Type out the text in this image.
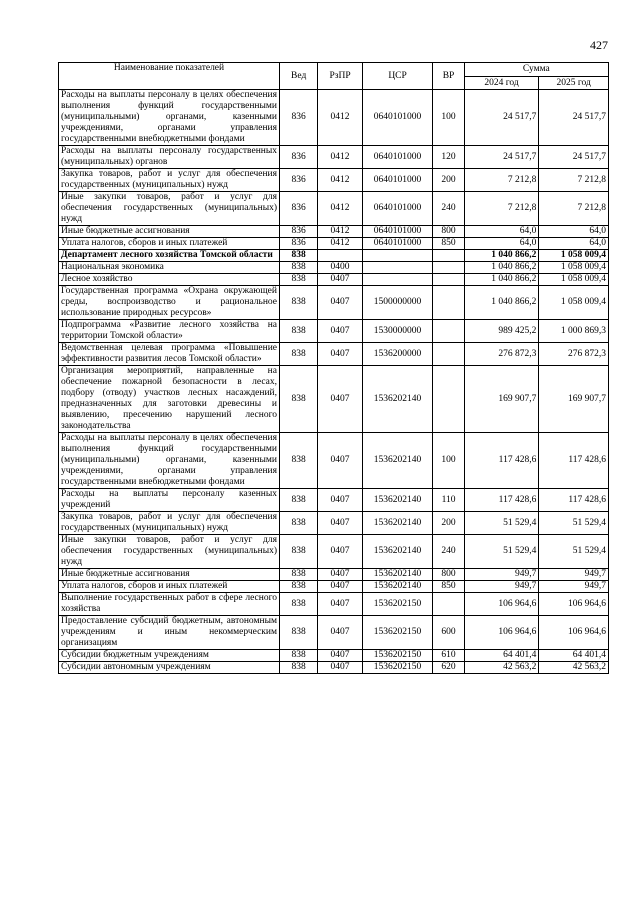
427
Наименование показателей	Вед	РзПР	ЦСР	ВР	Сумма	
					2024 год	2025 год
Расходы на выплаты персоналу в целях обеспечения выполнения функций государственными (муниципальными) органами, казенными учреждениями, органами управления государственными внебюджетными фондами	836	0412	0640101000	100	24 517,7	24 517,7
Расходы на выплаты персоналу государственных (муниципальных) органов	836	0412	0640101000	120	24 517,7	24 517,7
Закупка товаров, работ и услуг для обеспечения государственных (муниципальных) нужд	836	0412	0640101000	200	7 212,8	7 212,8
Иные закупки товаров, работ и услуг для обеспечения государственных (муниципальных) нужд	836	0412	0640101000	240	7 212,8	7 212,8
Иные бюджетные ассигнования	836	0412	0640101000	800	64,0	64,0
Уплата налогов, сборов и иных платежей	836	0412	0640101000	850	64,0	64,0
Департамент лесного хозяйства Томской области	838				1 040 866,2	1 058 009,4
Национальная экономика	838	0400			1 040 866,2	1 058 009,4
Лесное хозяйство	838	0407			1 040 866,2	1 058 009,4
Государственная программа «Охрана окружающей среды, воспроизводство и рациональное использование природных ресурсов»	838	0407	1500000000		1 040 866,2	1 058 009,4
Подпрограмма «Развитие лесного хозяйства на территории Томской области»	838	0407	1530000000		989 425,2	1 000 869,3
Ведомственная целевая программа «Повышение эффективности развития лесов Томской области»	838	0407	1536200000		276 872,3	276 872,3
Организация мероприятий, направленные на обеспечение пожарной безопасности в лесах, подбору (отводу) участков лесных насаждений, предназначенных для заготовки древесины и выявлению, пресечению нарушений лесного законодательства	838	0407	1536202140		169 907,7	169 907,7
Расходы на выплаты персоналу в целях обеспечения выполнения функций государственными (муниципальными) органами, казенными учреждениями, органами управления государственными внебюджетными фондами	838	0407	1536202140	100	117 428,6	117 428,6
Расходы на выплаты персоналу казенных учреждений	838	0407	1536202140	110	117 428,6	117 428,6
Закупка товаров, работ и услуг для обеспечения государственных (муниципальных) нужд	838	0407	1536202140	200	51 529,4	51 529,4
Иные закупки товаров, работ и услуг для обеспечения государственных (муниципальных) нужд	838	0407	1536202140	240	51 529,4	51 529,4
Иные бюджетные ассигнования	838	0407	1536202140	800	949,7	949,7
Уплата налогов, сборов и иных платежей	838	0407	1536202140	850	949,7	949,7
Выполнение государственных работ в сфере лесного хозяйства	838	0407	1536202150		106 964,6	106 964,6
Предоставление субсидий бюджетным, автономным учреждениям и иным некоммерческим организациям	838	0407	1536202150	600	106 964,6	106 964,6
Субсидии бюджетным учреждениям	838	0407	1536202150	610	64 401,4	64 401,4
Субсидии автономным учреждениям	838	0407	1536202150	620	42 563,2	42 563,2
